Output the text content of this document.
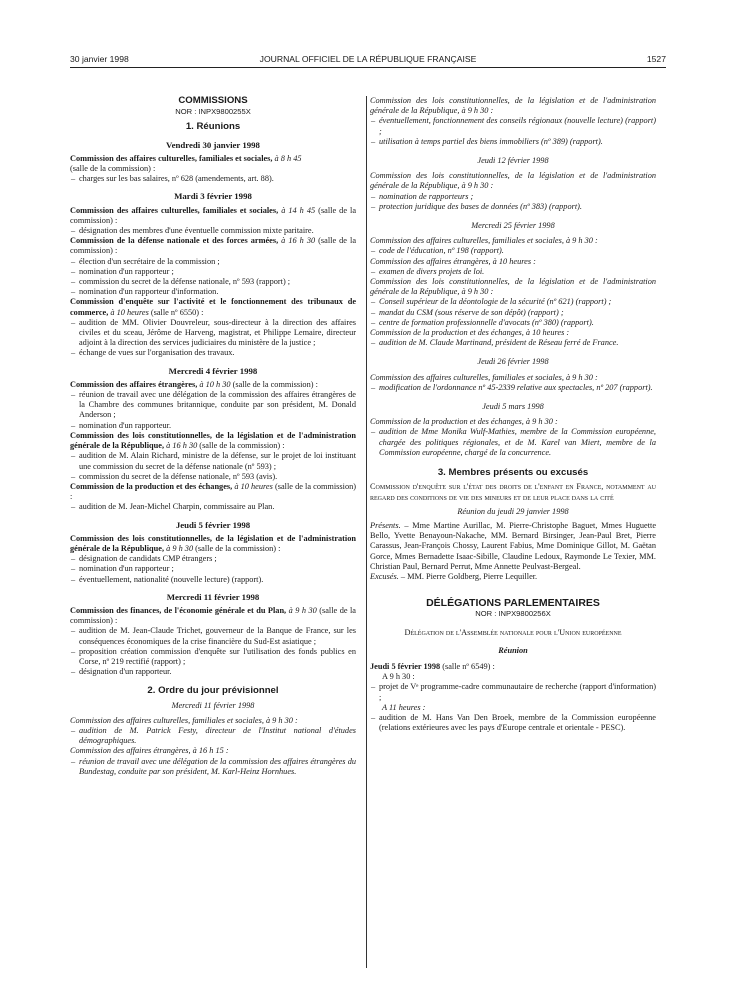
30 janvier 1998	JOURNAL OFFICIEL DE LA RÉPUBLIQUE FRANÇAISE	1527

COMMISSIONS

NOR : INPX9800255X

1. Réunions

Vendredi 30 janvier 1998

Commission des affaires culturelles, familiales et sociales, à 8 h 45
(salle de la commission) :

– charges sur les bas salaires, nº 628 (amendements, art. 88).

Mardi 3 février 1998

Commission des affaires culturelles, familiales et sociales, à 14 h 45 (salle de la commission) :

– désignation des membres d'une éventuelle commission mixte paritaire.

Commission de la défense nationale et des forces armées, à 16 h 30 (salle de la commission) :

– élection d'un secrétaire de la commission ;

– nomination d'un rapporteur ;

– commission du secret de la défense nationale, nº 593 (rapport) ;

– nomination d'un rapporteur d'information.

Commission d'enquête sur l'activité et le fonctionnement des tribunaux de commerce, à 10 heures (salle nº 6550) :

– audition de MM. Olivier Douvreleur, sous-directeur à la direction des affaires civiles et du sceau, Jérôme de Harveng, magistrat, et Philippe Lemaire, directeur adjoint à la direction des services judiciaires du ministère de la justice ;

– échange de vues sur l'organisation des travaux.

Mercredi 4 février 1998

Commission des affaires étrangères, à 10 h 30 (salle de la commission) :

– réunion de travail avec une délégation de la commission des affaires étrangères de la Chambre des communes britannique, conduite par son président, M. Donald Anderson ;

– nomination d'un rapporteur.

Commission des lois constitutionnelles, de la législation et de l'administration générale de la République, à 16 h 30 (salle de la commission) :

– audition de M. Alain Richard, ministre de la défense, sur le projet de loi instituant une commission du secret de la défense nationale (nº 593) ;

– commission du secret de la défense nationale, nº 593 (avis).

Commission de la production et des échanges, à 10 heures (salle de la commission) :

– audition de M. Jean-Michel Charpin, commissaire au Plan.

Jeudi 5 février 1998

Commission des lois constitutionnelles, de la législation et de l'administration générale de la République, à 9 h 30 (salle de la commission) :

– désignation de candidats CMP étrangers ;

– nomination d'un rapporteur ;

– éventuellement, nationalité (nouvelle lecture) (rapport).

Mercredi 11 février 1998

Commission des finances, de l'économie générale et du Plan, à 9 h 30 (salle de la commission) :

– audition de M. Jean-Claude Trichet, gouverneur de la Banque de France, sur les conséquences économiques de la crise financière du Sud-Est asiatique ;

– proposition création commission d'enquête sur l'utilisation des fonds publics en Corse, nº 219 rectifié (rapport) ;

– désignation d'un rapporteur.

2. Ordre du jour prévisionnel

Mercredi 11 février 1998

Commission des affaires culturelles, familiales et sociales, à 9 h 30 :

– audition de M. Patrick Festy, directeur de l'Institut national d'études démographiques.

Commission des affaires étrangères, à 16 h 15 :

– réunion de travail avec une délégation de la commission des affaires étrangères du Bundestag, conduite par son président, M. Karl-Heinz Hornhues.

Commission des lois constitutionnelles, de la législation et de l'administration générale de la République, à 9 h 30 :

– éventuellement, fonctionnement des conseils régionaux (nouvelle lecture) (rapport) ;

– utilisation à temps partiel des biens immobiliers (nº 389) (rapport).

Jeudi 12 février 1998

Commission des lois constitutionnelles, de la législation et de l'administration générale de la République, à 9 h 30 :

– nomination de rapporteurs ;

– protection juridique des bases de données (nº 383) (rapport).

Mercredi 25 février 1998

Commission des affaires culturelles, familiales et sociales, à 9 h 30 :

– code de l'éducation, nº 198 (rapport).

Commission des affaires étrangères, à 10 heures :

– examen de divers projets de loi.

Commission des lois constitutionnelles, de la législation et de l'administration générale de la République, à 9 h 30 :

– Conseil supérieur de la déontologie de la sécurité (nº 621) (rapport) ;

– mandat du CSM (sous réserve de son dépôt) (rapport) ;

– centre de formation professionnelle d'avocats (nº 380) (rapport).

Commission de la production et des échanges, à 10 heures :

– audition de M. Claude Martinand, président de Réseau ferré de France.

Jeudi 26 février 1998

Commission des affaires culturelles, familiales et sociales, à 9 h 30 :

– modification de l'ordonnance nº 45-2339 relative aux spectacles, nº 207 (rapport).

Jeudi 5 mars 1998

Commission de la production et des échanges, à 9 h 30 :

– audition de Mme Monika Wulf-Mathies, membre de la Commission européenne, chargée des politiques régionales, et de M. Karel van Miert, membre de la Commission européenne, chargé de la concurrence.

3. Membres présents ou excusés

Commission d'enquête sur l'état des droits de l'enfant en France, notamment au regard des conditions de vie des mineurs et de leur place dans la cité

Réunion du jeudi 29 janvier 1998

Présents. – Mme Martine Aurillac, M. Pierre-Christophe Baguet, Mmes Huguette Bello, Yvette Benayoun-Nakache, MM. Bernard Birsinger, Jean-Paul Bret, Pierre Carassus, Jean-François Chossy, Laurent Fabius, Mme Dominique Gillot, M. Gaëtan Gorce, Mmes Bernadette Isaac-Sibille, Claudine Ledoux, Raymonde Le Texier, MM. Christian Paul, Bernard Perrut, Mme Annette Peulvast-Bergeal.

Excusés. – MM. Pierre Goldberg, Pierre Lequiller.

DÉLÉGATIONS PARLEMENTAIRES

NOR : INPX9800256X

Délégation de l'Assemblée nationale pour l'Union européenne

Réunion

Jeudi 5 février 1998 (salle nº 6549) :

A 9 h 30 :

– projet de Vᵉ programme-cadre communautaire de recherche (rapport d'information) ;

A 11 heures :

– audition de M. Hans Van Den Broek, membre de la Commission européenne (relations extérieures avec les pays d'Europe centrale et orientale - PESC).
